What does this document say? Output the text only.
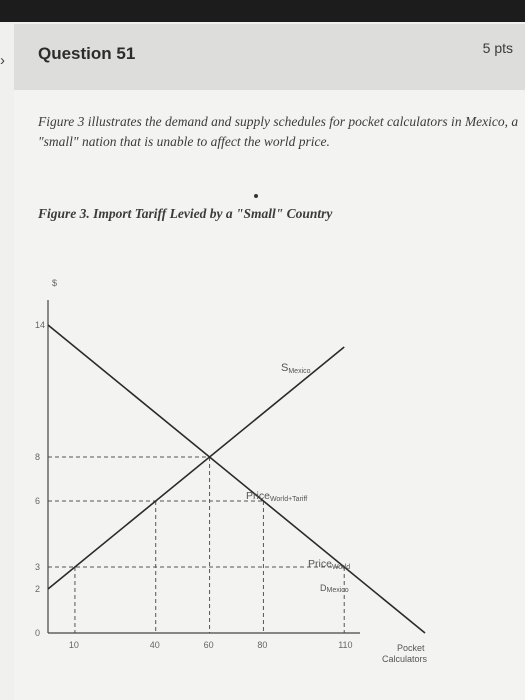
›	Question 51	5 pts

Figure 3 illustrates the demand and supply schedules for pocket calculators in Mexico, a "small" nation that is unable to affect the world price.

Figure 3. Import Tariff Levied by a "Small" Country

0
2
3
6
8
14
10	40	60	80	110
$
SMexico
PriceWorld+Tariff
PriceWorld
DMexico
Pocket
Calculators
